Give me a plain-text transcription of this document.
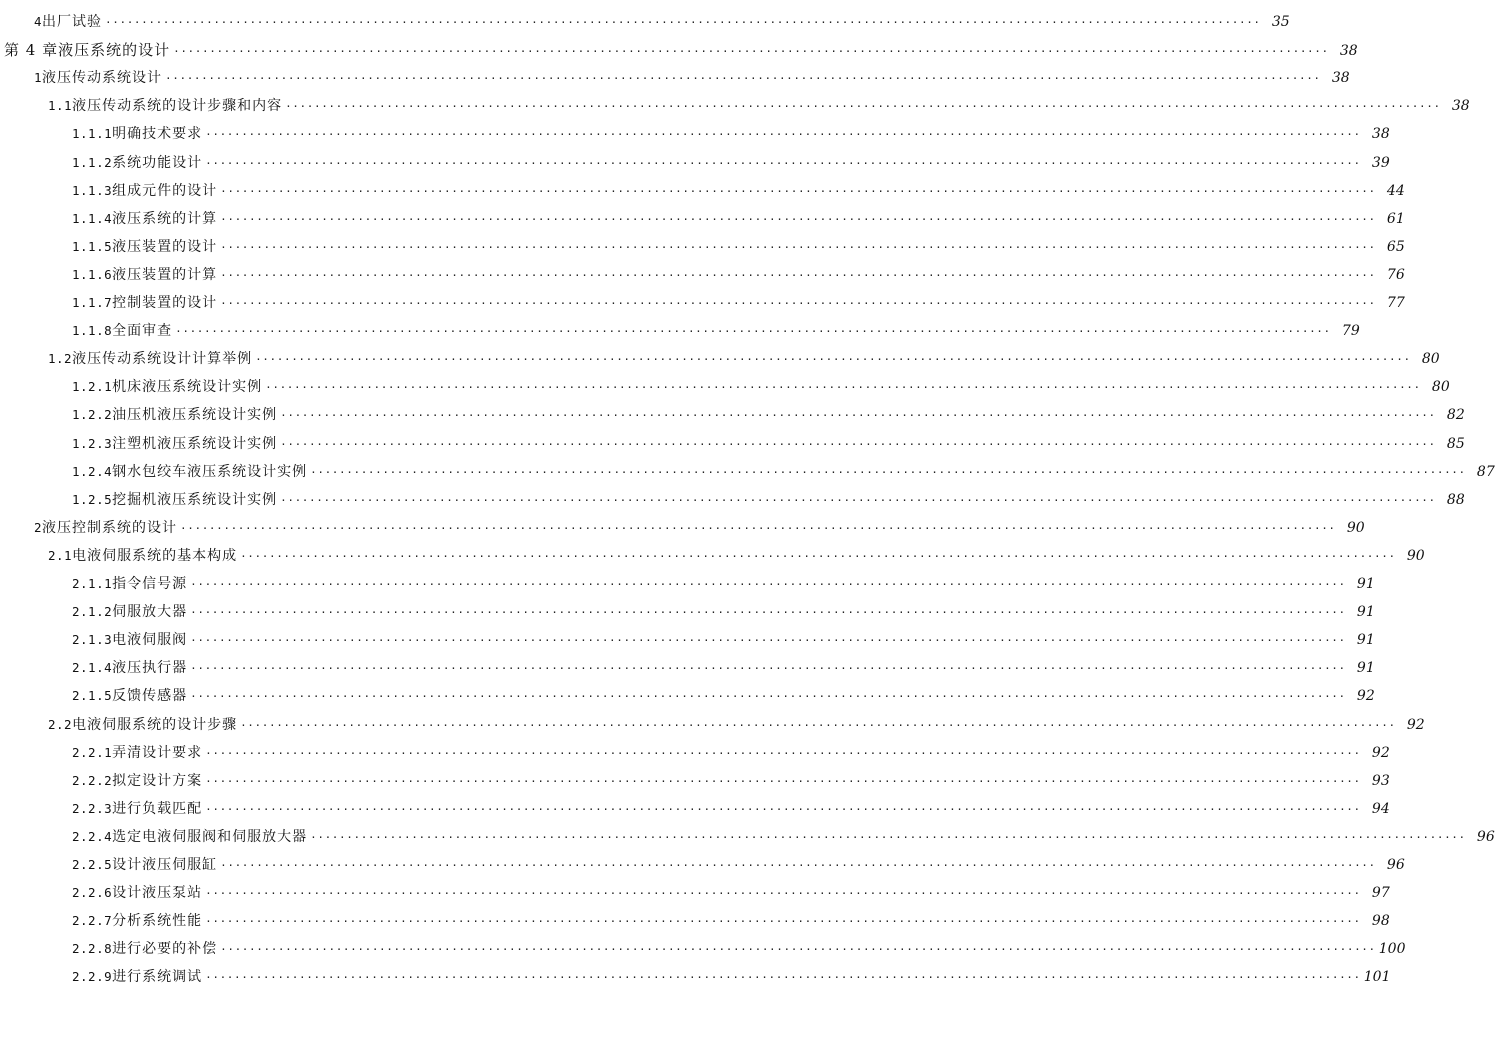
4 出厂试验 ································································································································································ 35
第 4 章 液压系统的设计 ································································································································································ 38
1 液压传动系统设计 ································································································································································ 38
1.1 液压传动系统的设计步骤和内容 ································································································································································ 38
1.1.1 明确技术要求 ································································································································································ 38
1.1.2 系统功能设计 ································································································································································ 39
1.1.3 组成元件的设计 ································································································································································ 44
1.1.4 液压系统的计算 ································································································································································ 61
1.1.5 液压装置的设计 ································································································································································ 65
1.1.6 液压装置的计算 ································································································································································ 76
1.1.7 控制装置的设计 ································································································································································ 77
1.1.8 全面审查 ································································································································································ 79
1.2 液压传动系统设计计算举例 ································································································································································ 80
1.2.1 机床液压系统设计实例 ································································································································································ 80
1.2.2 油压机液压系统设计实例 ································································································································································ 82
1.2.3 注塑机液压系统设计实例 ································································································································································ 85
1.2.4 钢水包绞车液压系统设计实例 ································································································································································ 87
1.2.5 挖掘机液压系统设计实例 ································································································································································ 88
2 液压控制系统的设计 ································································································································································ 90
2.1 电液伺服系统的基本构成 ································································································································································ 90
2.1.1 指令信号源 ································································································································································ 91
2.1.2 伺服放大器 ································································································································································ 91
2.1.3 电液伺服阀 ································································································································································ 91
2.1.4 液压执行器 ································································································································································ 91
2.1.5 反馈传感器 ································································································································································ 92
2.2 电液伺服系统的设计步骤 ································································································································································ 92
2.2.1 弄清设计要求 ································································································································································ 92
2.2.2 拟定设计方案 ································································································································································ 93
2.2.3 进行负载匹配 ································································································································································ 94
2.2.4 选定电液伺服阀和伺服放大器 ································································································································································ 96
2.2.5 设计液压伺服缸 ································································································································································ 96
2.2.6 设计液压泵站 ································································································································································ 97
2.2.7 分析系统性能 ································································································································································ 98
2.2.8 进行必要的补偿 ································································································································································ 100
2.2.9 进行系统调试 ································································································································································ 101
